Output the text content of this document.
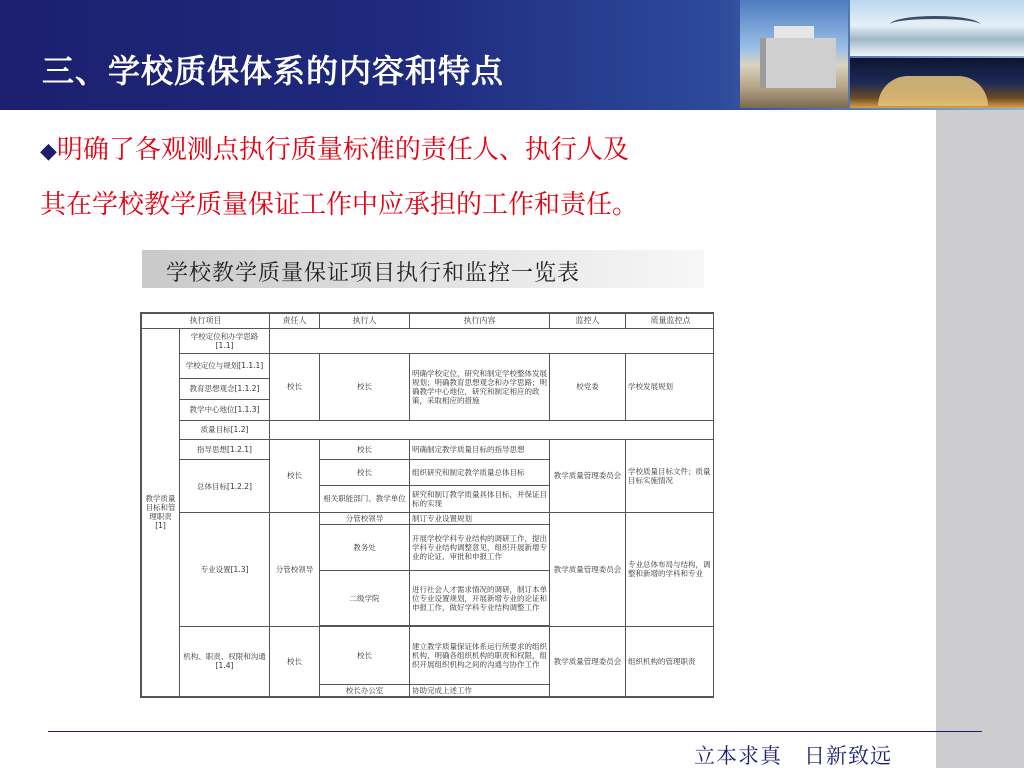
三、学校质保体系的内容和特点
◆明确了各观测点执行质量标准的责任人、执行人及
其在学校教学质量保证工作中应承担的工作和责任。
学校教学质量保证项目执行和监控一览表
执行项目		责任人	执行人	执行内容	监控人	质量监控点
教学质量目标和管理职责[1]	学校定位和办学思路[1.1]					
	学校定位与规划[1.1.1]	校长	校长	明确学校定位，研究和制定学校整体发展规划；明确教育思想观念和办学思路；明确教学中心地位，研究和制定相应的政策，采取相应的措施	校党委	学校发展规划
	教育思想观念[1.1.2]					
	教学中心地位[1.1.3]					
	质量目标[1.2]					
	指导思想[1.2.1]	校长	校长	明确制定教学质量目标的指导思想	教学质量管理委员会	学校质量目标文件；质量目标实施情况
	总体目标[1.2.2]		校长	组织研究和制定教学质量总体目标		
			相关职能部门、教学单位	研究和制订教学质量具体目标，并保证目标的实现		
	专业设置[1.3]	分管校领导	分管校领导	制订专业设置规划	教学质量管理委员会	专业总体布局与结构，调整和新增的学科和专业
			教务处	开展学校学科专业结构的调研工作，提出学科专业结构调整意见，组织开展新增专业的论证、审批和申报工作		
			二级学院	进行社会人才需求情况的调研，制订本单位专业设置规划，开展新增专业的论证和申报工作，做好学科专业结构调整工作		

	机构、职责、权限和沟通[1.4]	校长	校长	建立教学质量保证体系运行所要求的组织机构，明确各组织机构的职责和权限，组织开展组织机构之间的沟通与协作工作	教学质量管理委员会	组织机构的管理职责
			校长办公室	协助完成上述工作		
立本求真　日新致远
